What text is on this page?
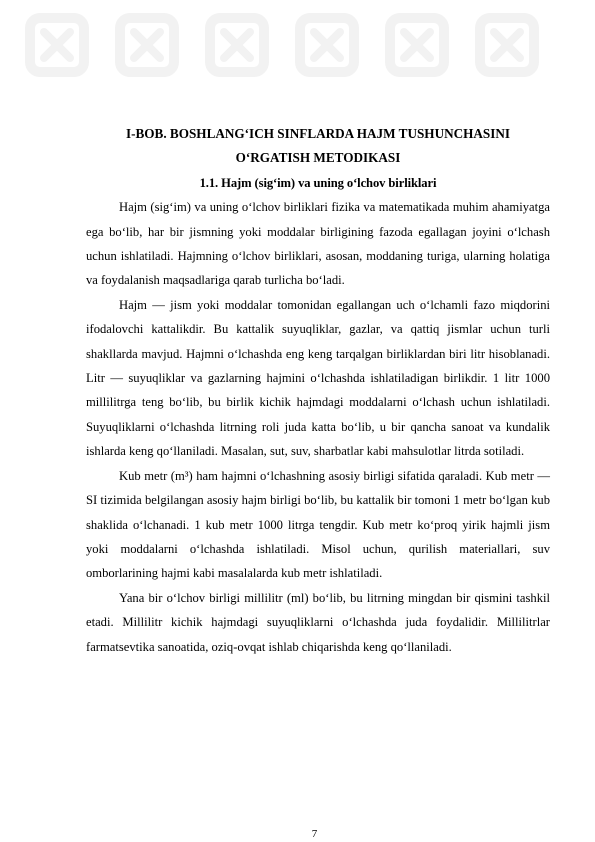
I-BOB. BOSHLANG‘ICH SINFLARDA HAJM TUSHUNCHASINI

O‘RGATISH METODIKASI

1.1. Hajm (sig‘im) va uning o‘lchov birliklari

Hajm (sig‘im) va uning o‘lchov birliklari fizika va matematikada muhim ahamiyatga ega bo‘lib, har bir jismning yoki moddalar birligining fazoda egallagan joyini o‘lchash uchun ishlatiladi. Hajmning o‘lchov birliklari, asosan, moddaning turiga, ularning holatiga va foydalanish maqsadlariga qarab turlicha bo‘ladi.

Hajm — jism yoki moddalar tomonidan egallangan uch o‘lchamli fazo miqdorini ifodalovchi kattalikdir. Bu kattalik suyuqliklar, gazlar, va qattiq jismlar uchun turli shakllarda mavjud. Hajmni o‘lchashda eng keng tarqalgan birliklardan biri litr hisoblanadi. Litr — suyuqliklar va gazlarning hajmini o‘lchashda ishlatiladigan birlikdir. 1 litr 1000 millilitrga teng bo‘lib, bu birlik kichik hajmdagi moddalarni o‘lchash uchun ishlatiladi. Suyuqliklarni o‘lchashda litrning roli juda katta bo‘lib, u bir qancha sanoat va kundalik ishlarda keng qo‘llaniladi. Masalan, sut, suv, sharbatlar kabi mahsulotlar litrda sotiladi.

Kub metr (m³) ham hajmni o‘lchashning asosiy birligi sifatida qaraladi. Kub metr — SI tizimida belgilangan asosiy hajm birligi bo‘lib, bu kattalik bir tomoni 1 metr bo‘lgan kub shaklida o‘lchanadi. 1 kub metr 1000 litrga tengdir. Kub metr ko‘proq yirik hajmli jism yoki moddalarni o‘lchashda ishlatiladi. Misol uchun, qurilish materiallari, suv omborlarining hajmi kabi masalalarda kub metr ishlatiladi.

Yana bir o‘lchov birligi millilitr (ml) bo‘lib, bu litrning mingdan bir qismini tashkil etadi. Millilitr kichik hajmdagi suyuqliklarni o‘lchashda juda foydalidir. Millilitrlar farmatsevtika sanoatida, oziq-ovqat ishlab chiqarishda keng qo‘llaniladi.

7
